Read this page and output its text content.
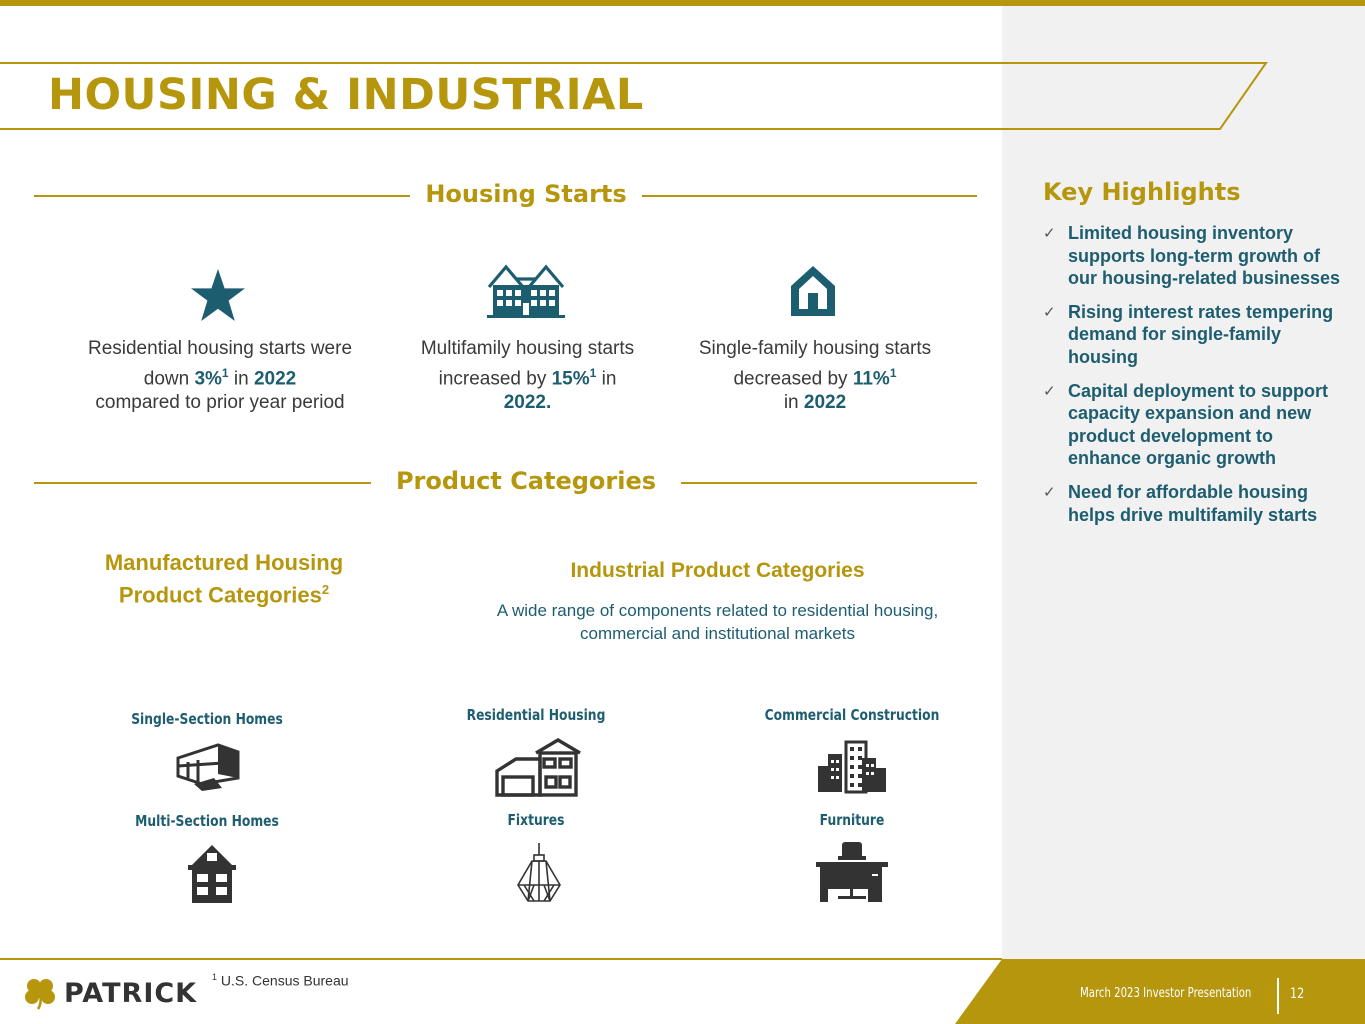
HOUSING & INDUSTRIAL
Housing Starts
Residential housing starts were down 3%$^1$ in 2022
compared to prior year period
Multifamily housing starts increased by 15%$^1$ in 2022.
Single-family housing starts decreased by 11%$^1$
in 2022
Product Categories
Manufactured Housing Product Categories$^2$
Industrial Product Categories
A wide range of components related to residential housing, commercial and institutional markets
Single-Section Homes
Multi-Section Homes
Residential Housing	Commercial Construction
Fixtures	Furniture
Key Highlights
✓ Limited housing inventory supports long-term growth of our housing-related businesses
✓ Rising interest rates tempering demand for single-family housing
✓ Capital deployment to support capacity expansion and new product development to enhance organic growth
✓ Need for affordable housing helps drive multifamily starts
PATRICK
$^1$ U.S. Census Bureau
March 2023 Investor Presentation	12
